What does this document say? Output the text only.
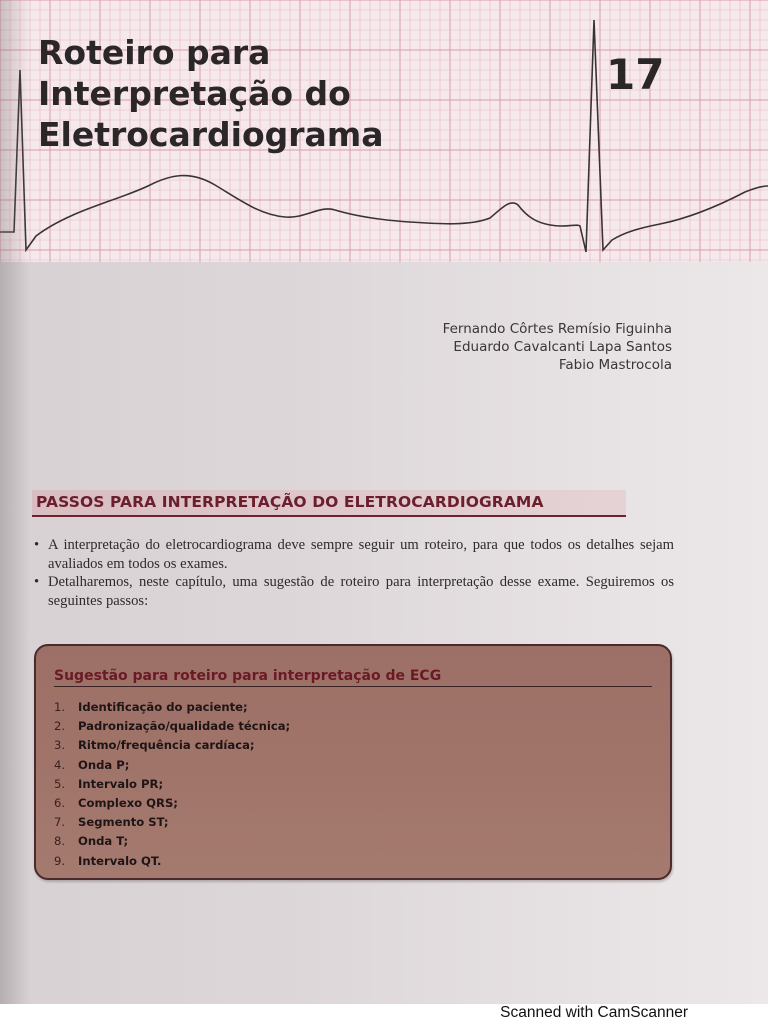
Roteiro para
Interpretação do
Eletrocardiograma
17
Fernando Côrtes Remísio Figuinha
Eduardo Cavalcanti Lapa Santos
Fabio Mastrocola
PASSOS PARA INTERPRETAÇÃO DO ELETROCARDIOGRAMA
• A interpretação do eletrocardiograma deve sempre seguir um roteiro, para que todos os detalhes sejam avaliados em todos os exames.
• Detalharemos, neste capítulo, uma sugestão de roteiro para interpretação desse exame. Seguiremos os seguintes passos:
Sugestão para roteiro para interpretação de ECG
1.	Identificação do paciente;
2.	Padronização/qualidade técnica;
3.	Ritmo/frequência cardíaca;
4.	Onda P;
5.	Intervalo PR;
6.	Complexo QRS;
7.	Segmento ST;
8.	Onda T;
9.	Intervalo QT.
Scanned with CamScanner
